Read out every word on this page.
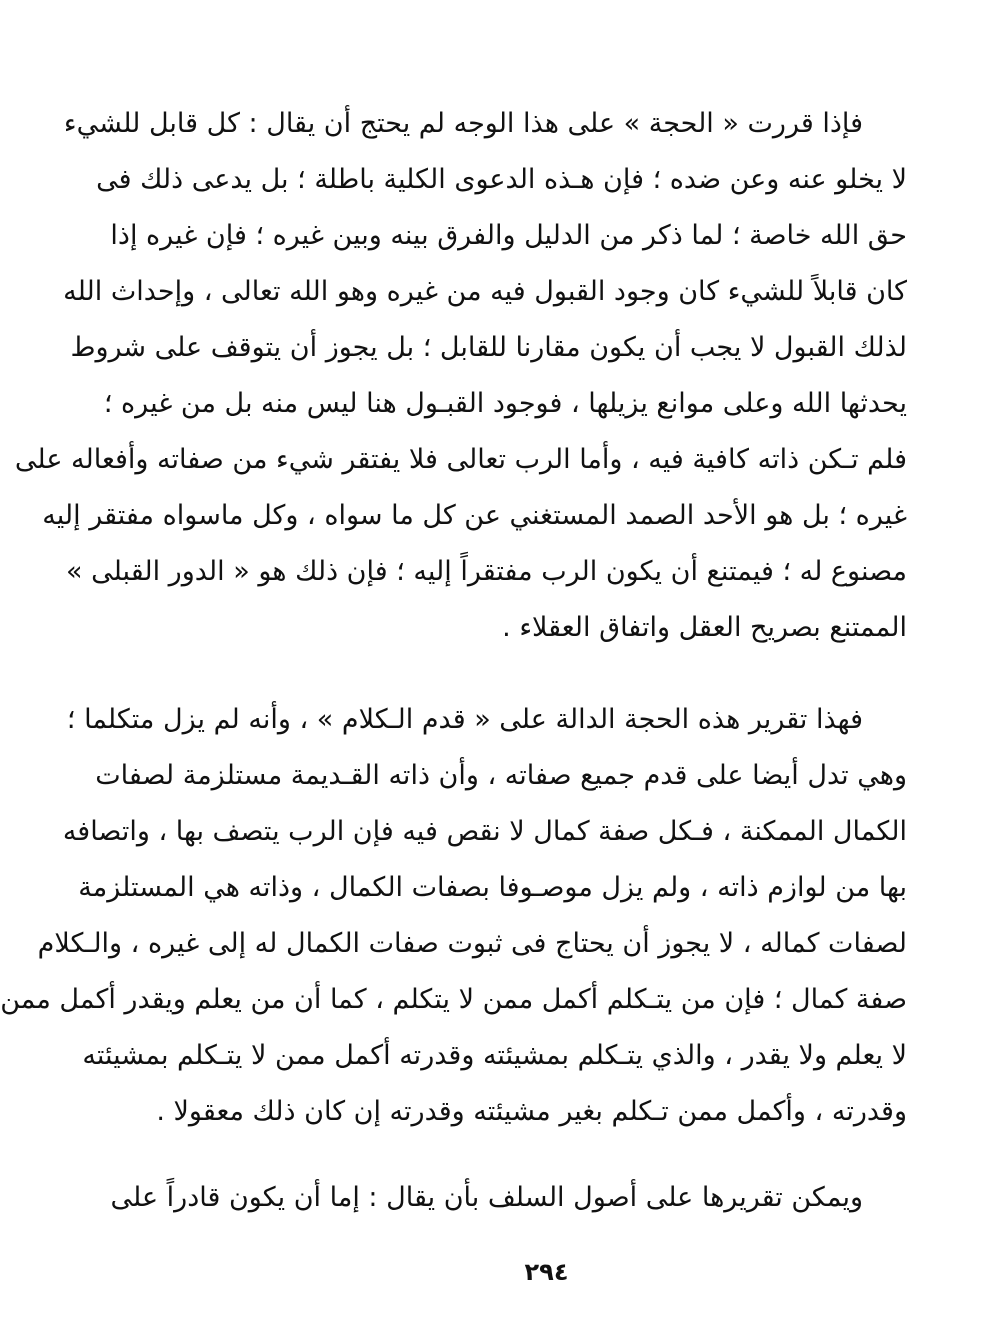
فإذا قررت « الحجة » على هذا الوجه لم يحتج أن يقال : كل قابل للشيء
لا يخلو عنه وعن ضده ؛ فإن هـذه الدعوى الكلية باطلة ؛ بل يدعى ذلك فى
حق الله خاصة ؛ لما ذكر من الدليل والفرق بينه وبين غيره ؛ فإن غيره إذا
كان قابلاً للشيء كان وجود القبول فيه من غيره وهو الله تعالى ، وإحداث الله
لذلك القبول لا يجب أن يكون مقارنا للقابل ؛ بل يجوز أن يتوقف على شروط
يحدثها الله وعلى موانع يزيلها ، فوجود القبـول هنا ليس منه بل من غيره ؛
فلم تـكن ذاته كافية فيه ، وأما الرب تعالى فلا يفتقر شيء من صفاته وأفعاله على
غيره ؛ بل هو الأحد الصمد المستغني عن كل ما سواه ، وكل ماسواه مفتقر إليه
مصنوع له ؛ فيمتنع أن يكون الرب مفتقراً إليه ؛ فإن ذلك هو « الدور القبلى »
الممتنع بصريح العقل واتفاق العقلاء .
فهذا تقرير هذه الحجة الدالة على « قدم الـكلام » ، وأنه لم يزل متكلما ؛
وهي تدل أيضا على قدم جميع صفاته ، وأن ذاته القـديمة مستلزمة لصفات
الكمال الممكنة ، فـكل صفة كمال لا نقص فيه فإن الرب يتصف بها ، واتصافه
بها من لوازم ذاته ، ولم يزل موصـوفا بصفات الكمال ، وذاته هي المستلزمة
لصفات كماله ، لا يجوز أن يحتاج فى ثبوت صفات الكمال له إلى غيره ، والـكلام
صفة كمال ؛ فإن من يتـكلم أكمل ممن لا يتكلم ، كما أن من يعلم ويقدر أكمل ممن
لا يعلم ولا يقدر ، والذي يتـكلم بمشيئته وقدرته أكمل ممن لا يتـكلم بمشيئته
وقدرته ، وأكمل ممن تـكلم بغير مشيئته وقدرته إن كان ذلك معقولا .
ويمكن تقريرها على أصول السلف بأن يقال : إما أن يكون قادراً على
٢٩٤
